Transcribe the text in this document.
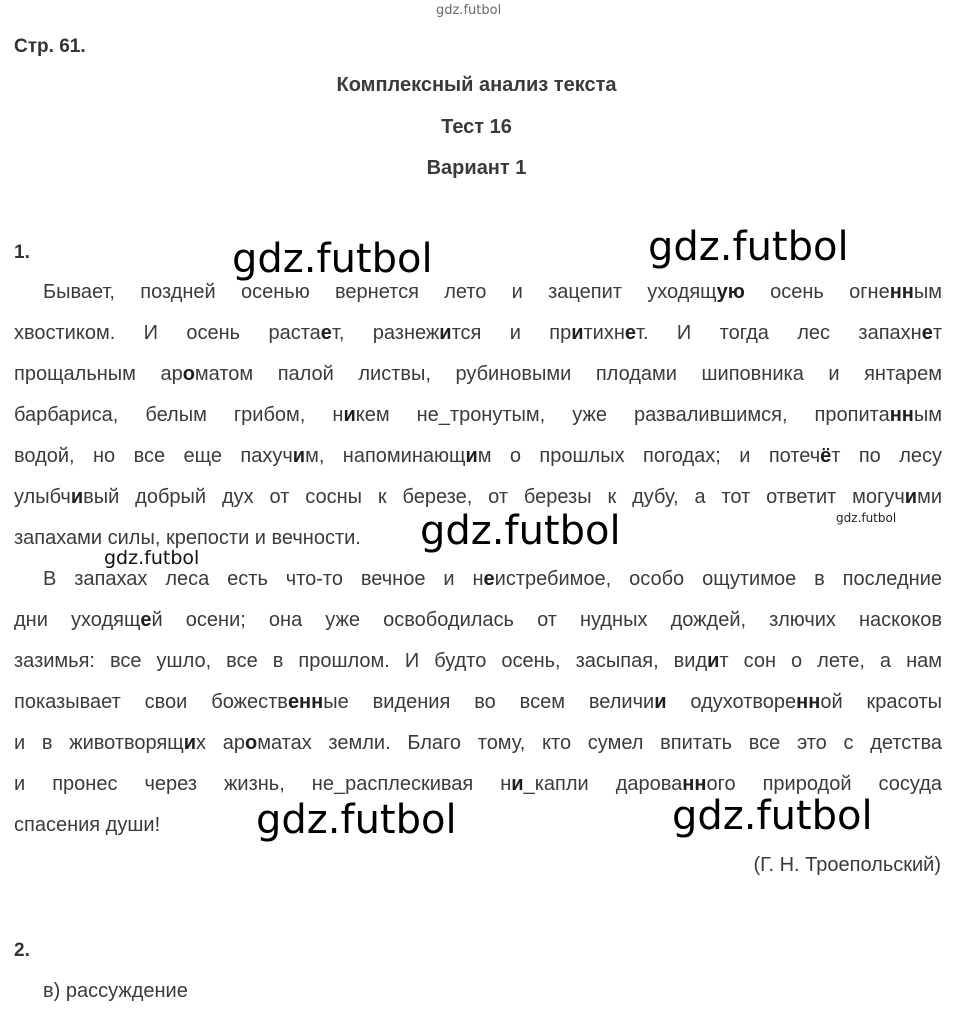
gdz.futbol
Стр. 61.
Комплексный анализ текста
Тест 16
Вариант 1
1.
Бывает, поздней осенью вернется лето и зацепит уходящую осень огненным
хвостиком. И осень растает, разнежится и притихнет. И тогда лес запахнет
прощальным ароматом палой листвы, рубиновыми плодами шиповника и янтарем
барбариса, белым грибом, никем не_тронутым, уже развалившимся, пропитанным
водой, но все еще пахучим, напоминающим о прошлых погодах; и потечёт по лесу
улыбчивый добрый дух от сосны к березе, от березы к дубу, а тот ответит могучими
запахами силы, крепости и вечности.
В запахах леса есть что-то вечное и неистребимое, особо ощутимое в последние
дни уходящей осени; она уже освободилась от нудных дождей, злючих наскоков
зазимья: все ушло, все в прошлом. И будто осень, засыпая, видит сон о лете, а нам
показывает свои божественные видения во всем величии одухотворенной красоты
и в животворящих ароматах земли. Благо тому, кто сумел впитать все это с детства
и пронес через жизнь, не_расплескивая ни_капли дарованного природой сосуда
спасения души!
(Г. Н. Троепольский)
2.
в) рассуждение
gdz.futbol	gdz.futbol
gdz.futbol
gdz.futbol	gdz.futbol
gdz.futbol
gdz.futbol
